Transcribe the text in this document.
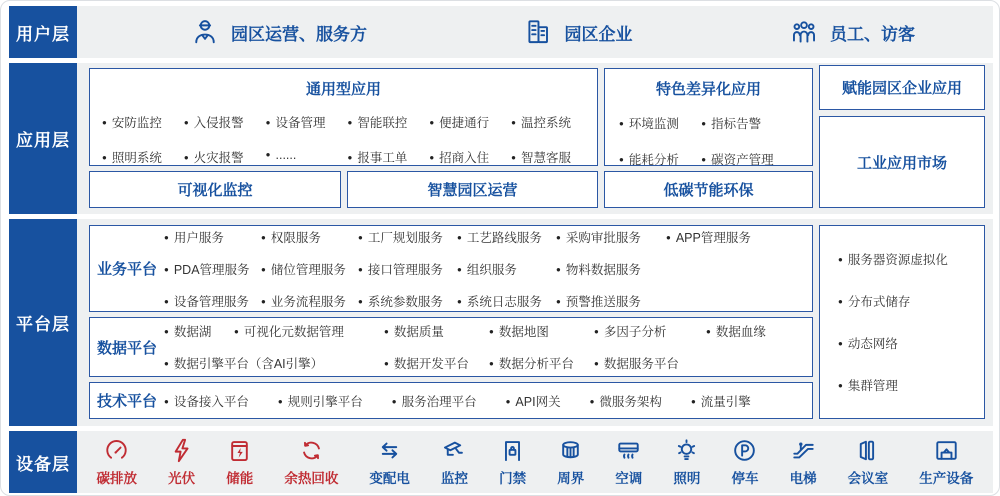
用户层	园区运营、服务方	园区企业	员工、访客
应用层
通用型应用
● 安防监控	● 入侵报警	● 设备管理	● 智能联控	● 便捷通行	● 温控系统
● 照明系统	● 火灾报警	● ......	● 报事工单	● 招商入住	● 智慧客服
特色差异化应用
● 环境监测	● 指标告警
● 能耗分析	● 碳资产管理
赋能园区企业应用
工业应用市场
可视化监控	智慧园区运营	低碳节能环保
平台层
业务平台
● 用户服务	● 权限服务	● 工厂规划服务	● 工艺路线服务	● 采购审批服务	● APP管理服务
● PDA管理服务	● 储位管理服务	● 接口管理服务	● 组织服务	● 物料数据服务
● 设备管理服务	● 业务流程服务	● 系统参数服务	● 系统日志服务	● 预警推送服务
数据平台
● 数据湖	● 可视化元数据管理	● 数据质量	● 数据地图	● 多因子分析	● 数据血缘
● 数据引擎平台（含AI引擎）	● 数据开发平台	● 数据分析平台	● 数据服务平台
技术平台	● 设备接入平台	● 规则引擎平台	● 服务治理平台	● API网关	● 微服务架构	● 流量引擎
● 服务器资源虚拟化
● 分布式储存
● 动态网络
● 集群管理
设备层
碳排放 光伏 储能 余热回收 变配电 监控 门禁 周界 空调 照明 停车 电梯 会议室 生产设备
